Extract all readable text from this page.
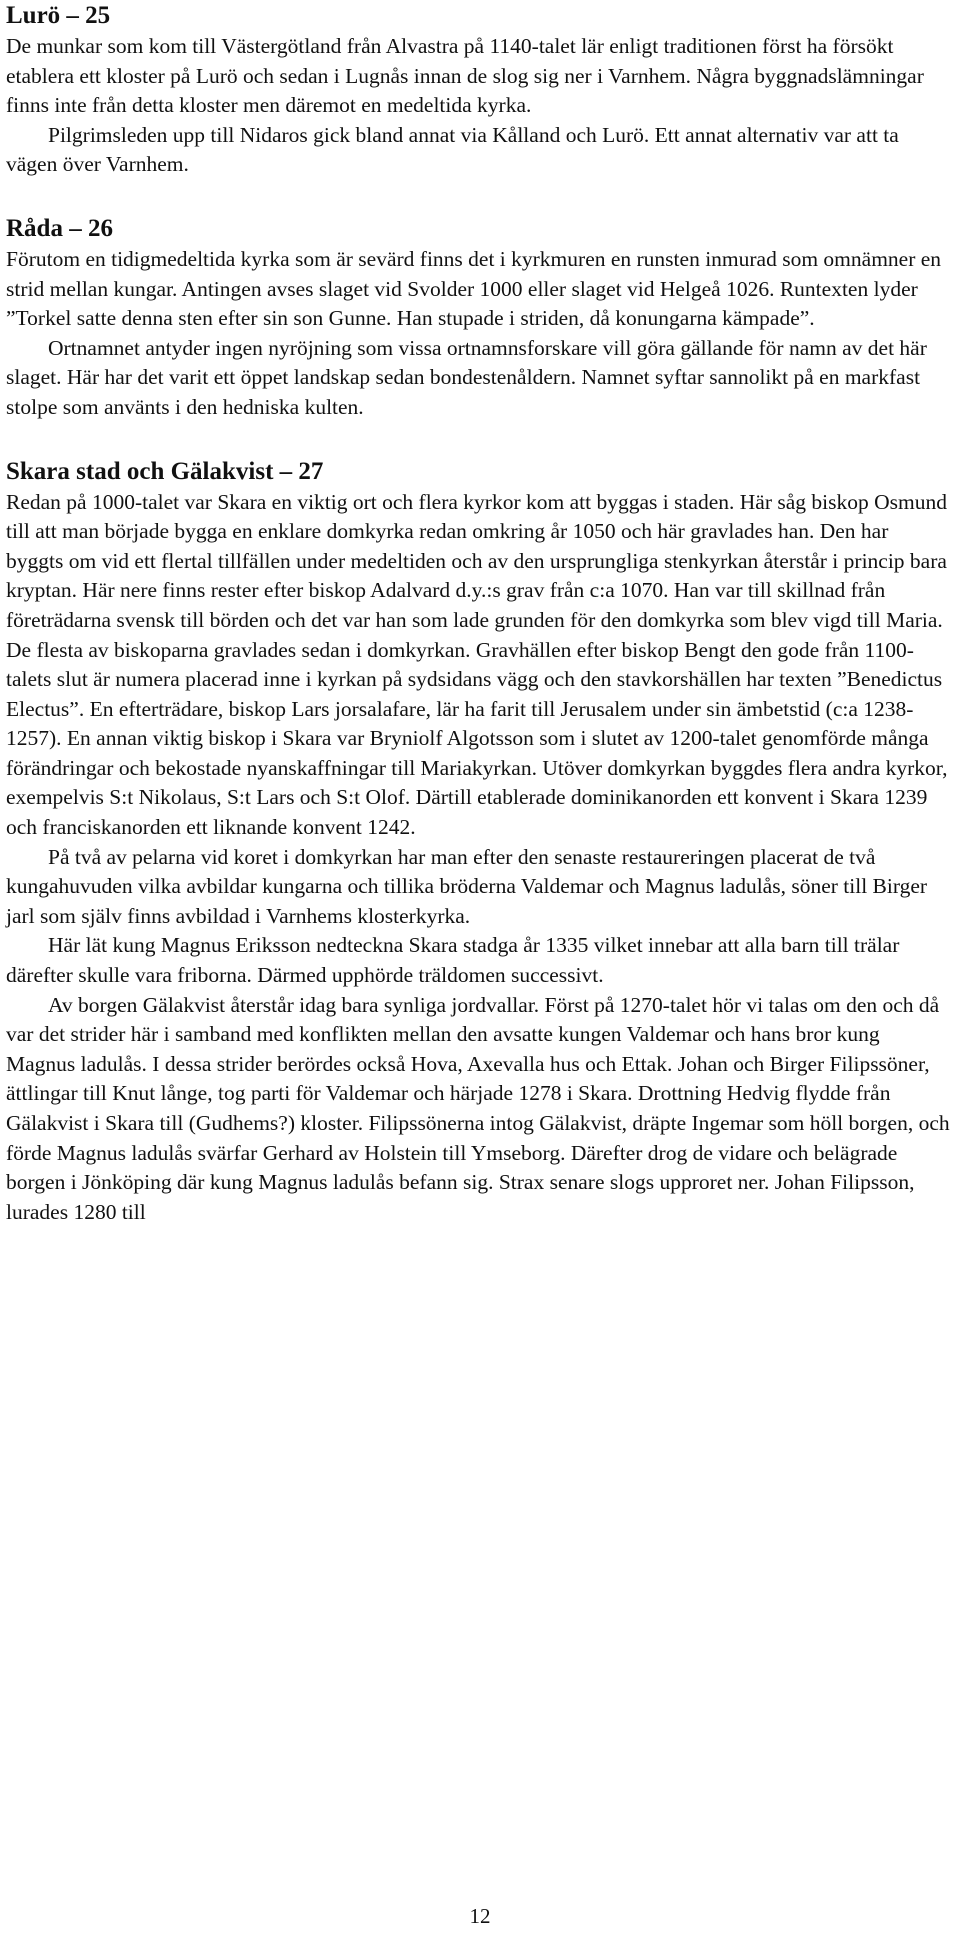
Lurö – 25

De munkar som kom till Västergötland från Alvastra på 1140-talet lär enligt traditionen först ha försökt etablera ett kloster på Lurö och sedan i Lugnås innan de slog sig ner i Varnhem. Några byggnadslämningar finns inte från detta kloster men däremot en medeltida kyrka.

Pilgrimsleden upp till Nidaros gick bland annat via Kålland och Lurö. Ett annat alternativ var att ta vägen över Varnhem.

Råda – 26

Förutom en tidigmedeltida kyrka som är sevärd finns det i kyrkmuren en runsten inmurad som omnämner en strid mellan kungar. Antingen avses slaget vid Svolder 1000 eller slaget vid Helgeå 1026. Runtexten lyder ”Torkel satte denna sten efter sin son Gunne. Han stupade i striden, då konungarna kämpade”.

Ortnamnet antyder ingen nyröjning som vissa ortnamnsforskare vill göra gällande för namn av det här slaget. Här har det varit ett öppet landskap sedan bondestenåldern. Namnet syftar sannolikt på en markfast stolpe som använts i den hedniska kulten.

Skara stad och Gälakvist – 27

Redan på 1000-talet var Skara en viktig ort och flera kyrkor kom att byggas i staden. Här såg biskop Osmund till att man började bygga en enklare domkyrka redan omkring år 1050 och här gravlades han. Den har byggts om vid ett flertal tillfällen under medeltiden och av den ursprungliga stenkyrkan återstår i princip bara kryptan. Här nere finns rester efter biskop Adalvard d.y.:s grav från c:a 1070. Han var till skillnad från företrädarna svensk till börden och det var han som lade grunden för den domkyrka som blev vigd till Maria. De flesta av biskoparna gravlades sedan i domkyrkan. Gravhällen efter biskop Bengt den gode från 1100-talets slut är numera placerad inne i kyrkan på sydsidans vägg och den stavkorshällen har texten ”Benedictus Electus”. En efterträdare, biskop Lars jorsalafare, lär ha farit till Jerusalem under sin ämbetstid (c:a 1238-1257). En annan viktig biskop i Skara var Bryniolf Algotsson som i slutet av 1200-talet genomförde många förändringar och bekostade nyanskaffningar till Mariakyrkan. Utöver domkyrkan byggdes flera andra kyrkor, exempelvis S:t Nikolaus, S:t Lars och S:t Olof. Därtill etablerade dominikanorden ett konvent i Skara 1239 och franciskanorden ett liknande konvent 1242.

På två av pelarna vid koret i domkyrkan har man efter den senaste restaureringen placerat de två kungahuvuden vilka avbildar kungarna och tillika bröderna Valdemar och Magnus ladulås, söner till Birger jarl som själv finns avbildad i Varnhems klosterkyrka.

Här lät kung Magnus Eriksson nedteckna Skara stadga år 1335 vilket innebar att alla barn till trälar därefter skulle vara friborna. Därmed upphörde träldomen successivt.

Av borgen Gälakvist återstår idag bara synliga jordvallar. Först på 1270-talet hör vi talas om den och då var det strider här i samband med konflikten mellan den avsatte kungen Valdemar och hans bror kung Magnus ladulås. I dessa strider berördes också Hova, Axevalla hus och Ettak. Johan och Birger Filipssöner, ättlingar till Knut långe, tog parti för Valdemar och härjade 1278 i Skara. Drottning Hedvig flydde från Gälakvist i Skara till (Gudhems?) kloster. Filipssönerna intog Gälakvist, dräpte Ingemar som höll borgen, och förde Magnus ladulås svärfar Gerhard av Holstein till Ymseborg. Därefter drog de vidare och belägrade borgen i Jönköping där kung Magnus ladulås befann sig. Strax senare slogs upproret ner. Johan Filipsson, lurades 1280 till

12
